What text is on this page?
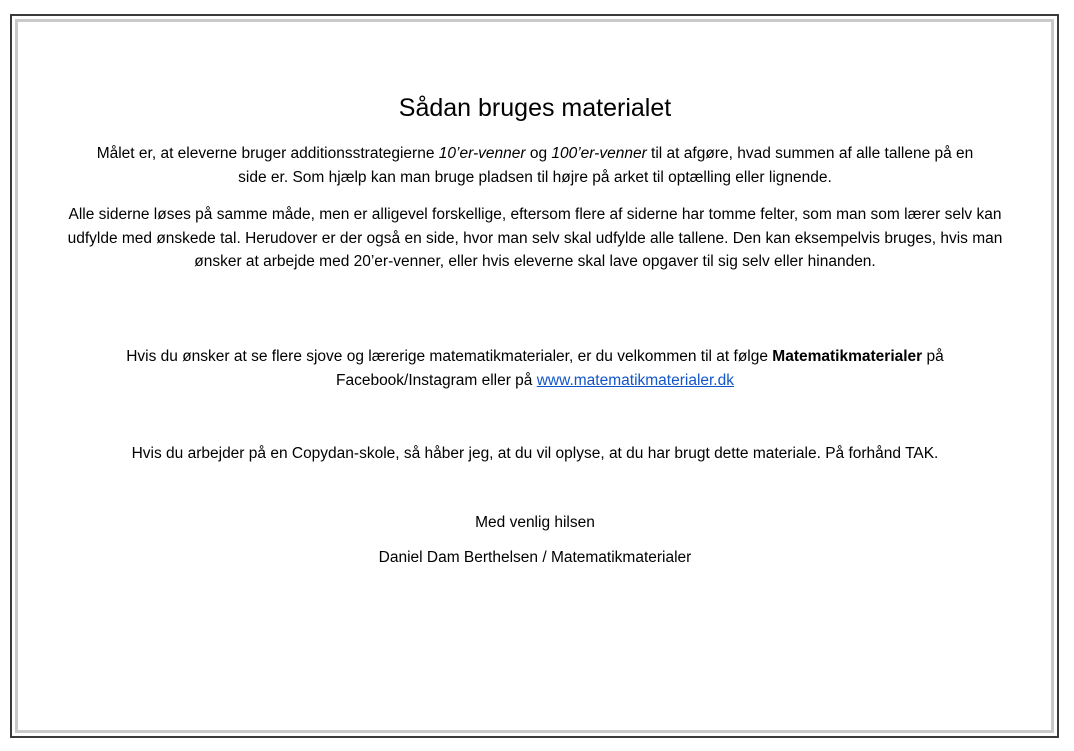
Sådan bruges materialet
Målet er, at eleverne bruger additionsstrategierne 10’er-venner og 100’er-venner til at afgøre, hvad summen af alle tallene på en side er. Som hjælp kan man bruge pladsen til højre på arket til optælling eller lignende.
Alle siderne løses på samme måde, men er alligevel forskellige, eftersom flere af siderne har tomme felter, som man som lærer selv kan udfylde med ønskede tal. Herudover er der også en side, hvor man selv skal udfylde alle tallene. Den kan eksempelvis bruges, hvis man ønsker at arbejde med 20’er-venner, eller hvis eleverne skal lave opgaver til sig selv eller hinanden.
Hvis du ønsker at se flere sjove og lærerige matematikmaterialer, er du velkommen til at følge Matematikmaterialer på Facebook/Instagram eller på www.matematikmaterialer.dk
Hvis du arbejder på en Copydan-skole, så håber jeg, at du vil oplyse, at du har brugt dette materiale. På forhånd TAK.
Med venlig hilsen
Daniel Dam Berthelsen / Matematikmaterialer
